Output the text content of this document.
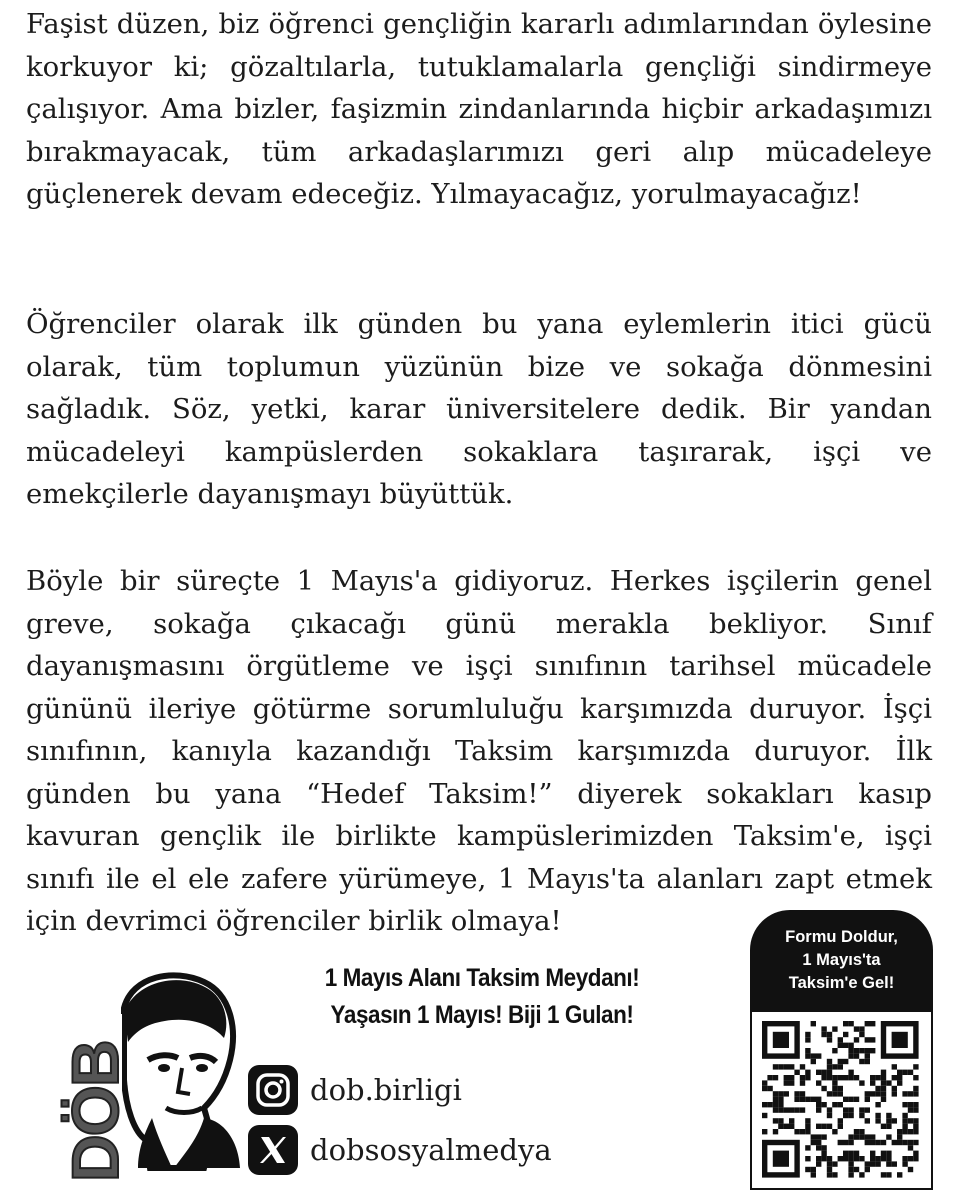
Faşist düzen, biz öğrenci gençliğin kararlı adımlarından öylesine korkuyor ki; gözaltılarla, tutuklamalarla gençliği sindirmeye çalışıyor. Ama bizler, faşizmin zindanlarında hiçbir arkadaşımızı bırakmayacak, tüm arkadaşlarımızı geri alıp mücadeleye güçlenerek devam edeceğiz. Yılmayacağız, yorulmayacağız!

Öğrenciler olarak ilk günden bu yana eylemlerin itici gücü olarak, tüm toplumun yüzünün bize ve sokağa dönmesini sağladık. Söz, yetki, karar üniversitelere dedik. Bir yandan mücadeleyi kampüslerden sokaklara taşırarak, işçi ve emekçilerle dayanışmayı büyüttük.

Böyle bir süreçte 1 Mayıs'a gidiyoruz. Herkes işçilerin genel greve, sokağa çıkacağı günü merakla bekliyor. Sınıf dayanışmasını örgütleme ve işçi sınıfının tarihsel mücadele gününü ileriye götürme sorumluluğu karşımızda duruyor. İşçi sınıfının, kanıyla kazandığı Taksim karşımızda duruyor. İlk günden bu yana “Hedef Taksim!” diyerek sokakları kasıp kavuran gençlik ile birlikte kampüslerimizden Taksim'e, işçi sınıfı ile el ele zafere yürümeye, 1 Mayıs'ta alanları zapt etmek için devrimci öğrenciler birlik olmaya!

DÖB
1 Mayıs Alanı Taksim Meydanı!
Yaşasın 1 Mayıs! Biji 1 Gulan!
dob.birligi
dobsosyalmedya
Formu Doldur,
1 Mayıs'ta
Taksim'e Gel!
